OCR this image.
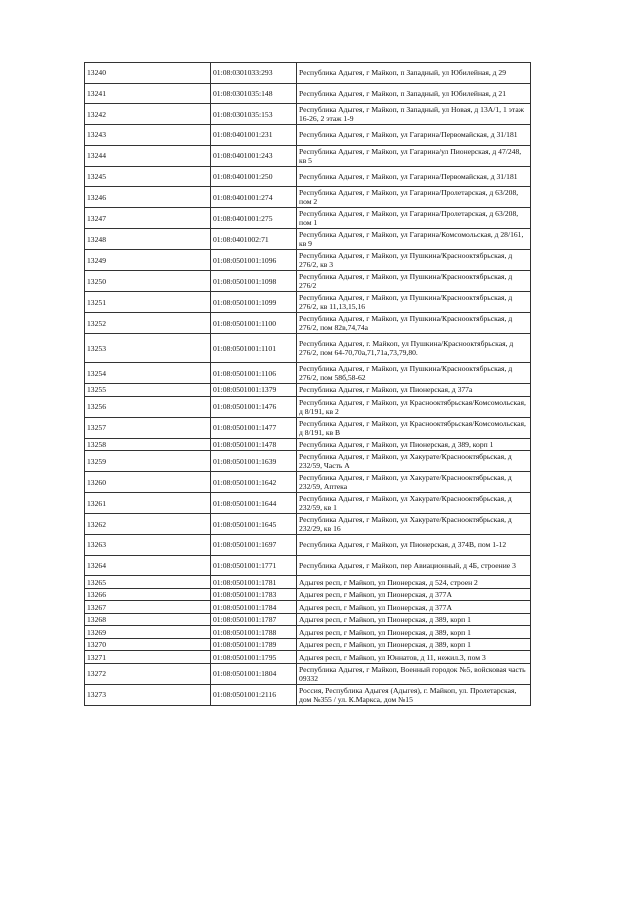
13240	01:08:0301033:293	Республика Адыгея, г Майкоп, п Западный, ул Юбилейная, д 29
13241	01:08:0301035:148	Республика Адыгея, г Майкоп, п Западный, ул Юбилейная, д 21
13242	01:08:0301035:153	Республика Адыгея, г Майкоп, п Западный, ул Новая, д 13А/1, 1 этаж 16-26, 2 этаж 1-9
13243	01:08:0401001:231	Республика Адыгея, г Майкоп, ул Гагарина/Первомайская, д 31/181
13244	01:08:0401001:243	Республика Адыгея, г Майкоп, ул Гагарина/ул Пионерская, д 47/248, кв 5
13245	01:08:0401001:250	Республика Адыгея, г Майкоп, ул Гагарина/Первомайская, д 31/181
13246	01:08:0401001:274	Республика Адыгея, г Майкоп, ул Гагарина/Пролетарская, д 63/208, пом 2
13247	01:08:0401001:275	Республика Адыгея, г Майкоп, ул Гагарина/Пролетарская, д 63/208, пом 1
13248	01:08:0401002:71	Республика Адыгея, г Майкоп, ул Гагарина/Комсомольская, д 28/161, кв 9
13249	01:08:0501001:1096	Республика Адыгея, г Майкоп, ул Пушкина/Краснооктябрьская, д 276/2, кв 3
13250	01:08:0501001:1098	Республика Адыгея, г Майкоп, ул Пушкина/Краснооктябрьская, д 276/2
13251	01:08:0501001:1099	Республика Адыгея, г Майкоп, ул Пушкина/Краснооктябрьская, д 276/2, кв 11,13,15,16
13252	01:08:0501001:1100	Республика Адыгея, г Майкоп, ул Пушкина/Краснооктябрьская, д 276/2, пом 82в,74,74а
13253	01:08:0501001:1101	Республика Адыгея, г. Майкоп, ул Пушкина/Краснооктябрьская, д 276/2, пом 64-70,70а,71,71а,73,79,80.
13254	01:08:0501001:1106	Республика Адыгея, г Майкоп, ул Пушкина/Краснооктябрьская, д 276/2, пом 58б,58-62
13255	01:08:0501001:1379	Республика Адыгея, г Майкоп, ул Пионерская, д 377а
13256	01:08:0501001:1476	Республика Адыгея, г Майкоп, ул Краснооктябрьская/Комсомольская, д 8/191, кв 2
13257	01:08:0501001:1477	Республика Адыгея, г Майкоп, ул Краснооктябрьская/Комсомольская, д 8/191, кв В
13258	01:08:0501001:1478	Республика Адыгея, г Майкоп, ул Пионерская, д 389, корп 1
13259	01:08:0501001:1639	Республика Адыгея, г Майкоп, ул Хакурате/Краснооктябрьская, д 232/59, Часть А
13260	01:08:0501001:1642	Республика Адыгея, г Майкоп, ул Хакурате/Краснооктябрьская, д 232/59, Аптека
13261	01:08:0501001:1644	Республика Адыгея, г Майкоп, ул Хакурате/Краснооктябрьская, д 232/59, кв 1
13262	01:08:0501001:1645	Республика Адыгея, г Майкоп, ул Хакурате/Краснооктябрьская, д 232/29, кв 16
13263	01:08:0501001:1697	Республика Адыгея, г Майкоп, ул Пионерская, д 374В, пом 1-12
13264	01:08:0501001:1771	Республика Адыгея, г Майкоп, пер Авиационный, д 4Б, строение 3
13265	01:08:0501001:1781	Адыгея респ, г Майкоп, ул Пионерская, д 524, строен 2
13266	01:08:0501001:1783	Адыгея респ, г Майкоп, ул Пионерская, д 377А
13267	01:08:0501001:1784	Адыгея респ, г Майкоп, ул Пионерская, д 377А
13268	01:08:0501001:1787	Адыгея респ, г Майкоп, ул Пионерская, д 389, корп 1
13269	01:08:0501001:1788	Адыгея респ, г Майкоп, ул Пионерская, д 389, корп 1
13270	01:08:0501001:1789	Адыгея респ, г Майкоп, ул Пионерская, д 389, корп 1
13271	01:08:0501001:1795	Адыгея респ, г Майкоп, ул Юннатов, д 11, нежил.3, пом 3
13272	01:08:0501001:1804	Республика Адыгея, г Майкоп, Военный городок №5, войсковая часть 09332
13273	01:08:0501001:2116	Россия, Республика Адыгея (Адыгея), г. Майкоп, ул. Пролетарская, дом №355 / ул. К.Маркса, дом №15
